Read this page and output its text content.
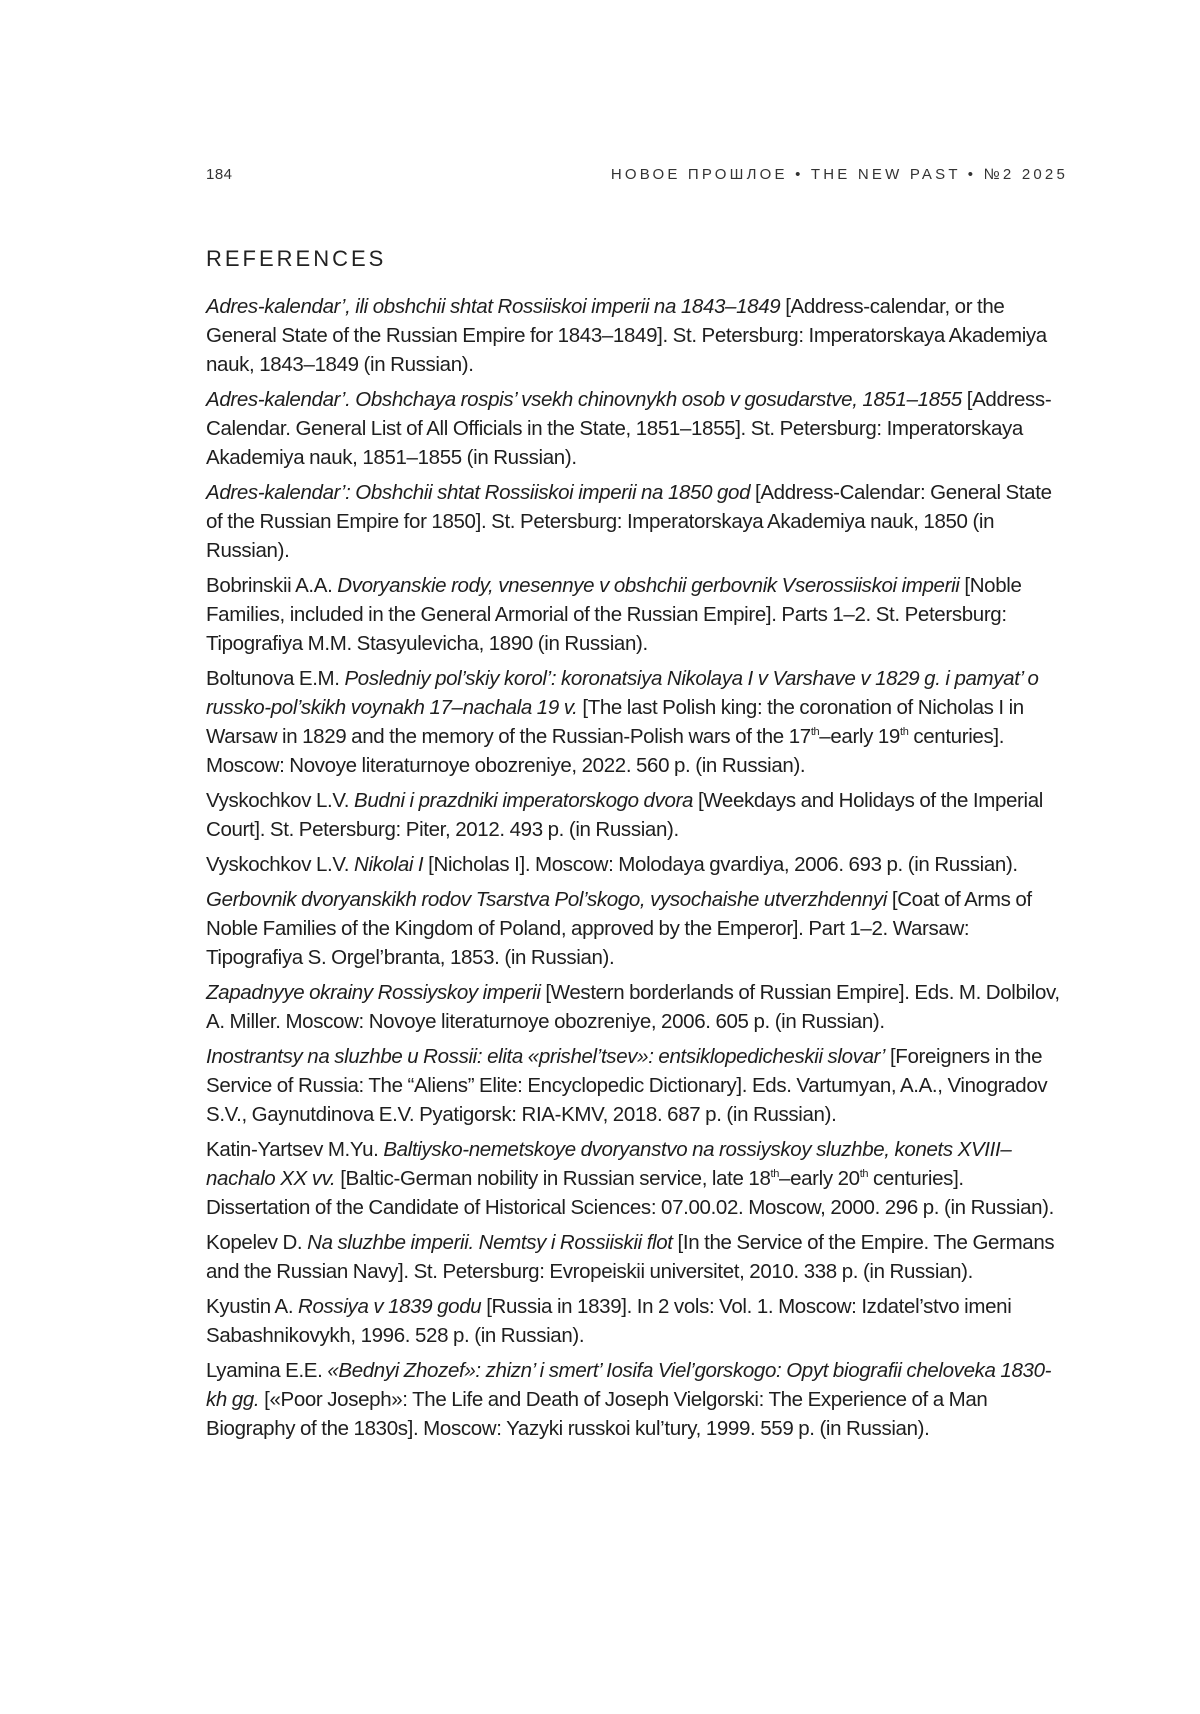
184	НОВОЕ ПРОШЛОЕ • THE NEW PAST • №2 2025
REFERENCES
Adres-kalendar’, ili obshchii shtat Rossiiskoi imperii na 1843–1849 [Address-calendar, or the General State of the Russian Empire for 1843–1849]. St. Petersburg: Imperatorskaya Akademiya nauk, 1843–1849 (in Russian).
Adres-kalendar’. Obshchaya rospis’ vsekh chinovnykh osob v gosudarstve, 1851–1855 [Address-Calendar. General List of All Officials in the State, 1851–1855]. St. Petersburg: Imperatorskaya Akademiya nauk, 1851–1855 (in Russian).
Adres-kalendar’: Obshchii shtat Rossiiskoi imperii na 1850 god [Address-Calendar: General State of the Russian Empire for 1850]. St. Petersburg: Imperatorskaya Akademiya nauk, 1850 (in Russian).
Bobrinskii A.A. Dvoryanskie rody, vnesennye v obshchii gerbovnik Vserossiiskoi imperii [Noble Families, included in the General Armorial of the Russian Empire]. Parts 1–2. St. Petersburg: Tipografiya M.M. Stasyulevicha, 1890 (in Russian).
Boltunova E.M. Posledniy pol’skiy korol’: koronatsiya Nikolaya I v Varshave v 1829 g. i pamyat’ o russko-pol’skikh voynakh 17–nachala 19 v. [The last Polish king: the coronation of Nicholas I in Warsaw in 1829 and the memory of the Russian-Polish wars of the 17th–early 19th centuries]. Moscow: Novoye literaturnoye obozreniye, 2022. 560 p. (in Russian).
Vyskochkov L.V. Budni i prazdniki imperatorskogo dvora [Weekdays and Holidays of the Imperial Court]. St. Petersburg: Piter, 2012. 493 p. (in Russian).
Vyskochkov L.V. Nikolai I [Nicholas I]. Moscow: Molodaya gvardiya, 2006. 693 p. (in Russian).
Gerbovnik dvoryanskikh rodov Tsarstva Pol’skogo, vysochaishe utverzhdennyi [Coat of Arms of Noble Families of the Kingdom of Poland, approved by the Emperor]. Part 1–2. Warsaw: Tipografiya S. Orgel’branta, 1853. (in Russian).
Zapadnyye okrainy Rossiyskoy imperii [Western borderlands of Russian Empire]. Eds. M. Dolbilov, A. Miller. Moscow: Novoye literaturnoye obozreniye, 2006. 605 p. (in Russian).
Inostrantsy na sluzhbe u Rossii: elita «prishel’tsev»: entsiklopedicheskii slovar’ [Foreigners in the Service of Russia: The “Aliens” Elite: Encyclopedic Dictionary]. Eds. Vartumyan, A.A., Vinogradov S.V., Gaynutdinova E.V. Pyatigorsk: RIA-KMV, 2018. 687 p. (in Russian).
Katin-Yartsev M.Yu. Baltiysko-nemetskoye dvoryanstvo na rossiyskoy sluzhbe, konets XVIII–nachalo XX vv. [Baltic-German nobility in Russian service, late 18th–early 20th centuries]. Dissertation of the Candidate of Historical Sciences: 07.00.02. Moscow, 2000. 296 p. (in Russian).
Kopelev D. Na sluzhbe imperii. Nemtsy i Rossiiskii flot [In the Service of the Empire. The Germans and the Russian Navy]. St. Petersburg: Evropeiskii universitet, 2010. 338 p. (in Russian).
Kyustin A. Rossiya v 1839 godu [Russia in 1839]. In 2 vols: Vol. 1. Moscow: Izdatel’stvo imeni Sabashnikovykh, 1996. 528 p. (in Russian).
Lyamina E.E. «Bednyi Zhozef»: zhizn’ i smert’ Iosifa Viel’gorskogo: Opyt biografii cheloveka 1830-kh gg. [«Poor Joseph»: The Life and Death of Joseph Vielgorski: The Experience of a Man Biography of the 1830s]. Moscow: Yazyki russkoi kul’tury, 1999. 559 p. (in Russian).
